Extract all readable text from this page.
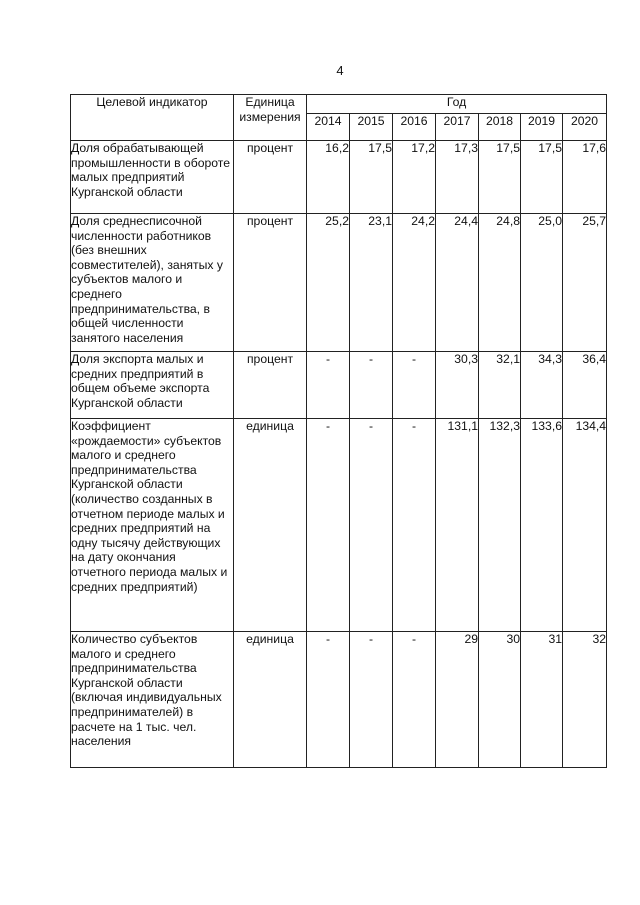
4
Целевой индикатор	Единица измерения	Год						
		2014	2015	2016	2017	2018	2019	2020
Доля обрабатывающей промышленности в обороте малых предприятий Курганской области	процент	16,2	17,5	17,2	17,3	17,5	17,5	17,6
Доля среднесписочной численности работников (без внешних совместителей), занятых у субъектов малого и среднего предпринимательства, в общей численности занятого населения	процент	25,2	23,1	24,2	24,4	24,8	25,0	25,7
Доля экспорта малых и средних предприятий в общем объеме экспорта Курганской области	процент	-	-	-	30,3	32,1	34,3	36,4
Коэффициент «рождаемости» субъектов малого и среднего предпринимательства Курганской области (количество созданных в отчетном периоде малых и средних предприятий на одну тысячу действующих на дату окончания отчетного периода малых и средних предприятий)	единица	-	-	-	131,1	132,3	133,6	134,4
Количество субъектов малого и среднего предпринимательства Курганской области (включая индивидуальных предпринимателей) в расчете на 1 тыс. чел. населения	единица	-	-	-	29	30	31	32
